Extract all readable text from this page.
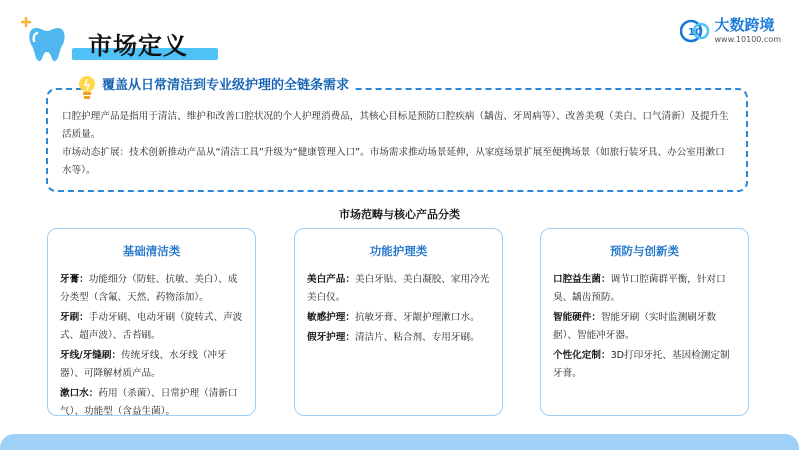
市场定义	10 大数跨境
www.10100.com

口腔护理产品是指用于清洁、维护和改善口腔状况的个人护理消费品，其核心目标是预防口腔疾病（龋齿、牙周病等）、改善美观（美白、口气清新）及提升生活质量。

市场动态扩展：技术创新推动产品从“清洁工具”升级为“健康管理入口”。市场需求推动场景延伸，从家庭场景扩展至便携场景（如旅行装牙具、办公室用漱口水等）。

覆盖从日常清洁到专业级护理的全链条需求
市场范畴与核心产品分类
基础清洁类
牙膏：功能细分（防蛀、抗敏、美白）、成分类型（含氟、天然、药物添加）。
牙刷：手动牙刷、电动牙刷（旋转式、声波式、超声波）、舌苔刷。
牙线/牙缝刷：传统牙线、水牙线（冲牙器）、可降解材质产品。
漱口水：药用（杀菌）、日常护理（清新口气）、功能型（含益生菌）。
功能护理类
美白产品：美白牙贴、美白凝胶、家用冷光美白仪。
敏感护理：抗敏牙膏、牙龈护理漱口水。
假牙护理：清洁片、粘合剂、专用牙刷。
预防与创新类
口腔益生菌：调节口腔菌群平衡，针对口臭、龋齿预防。
智能硬件：智能牙刷（实时监测刷牙数据）、智能冲牙器。
个性化定制：3D打印牙托、基因检测定制牙膏。
